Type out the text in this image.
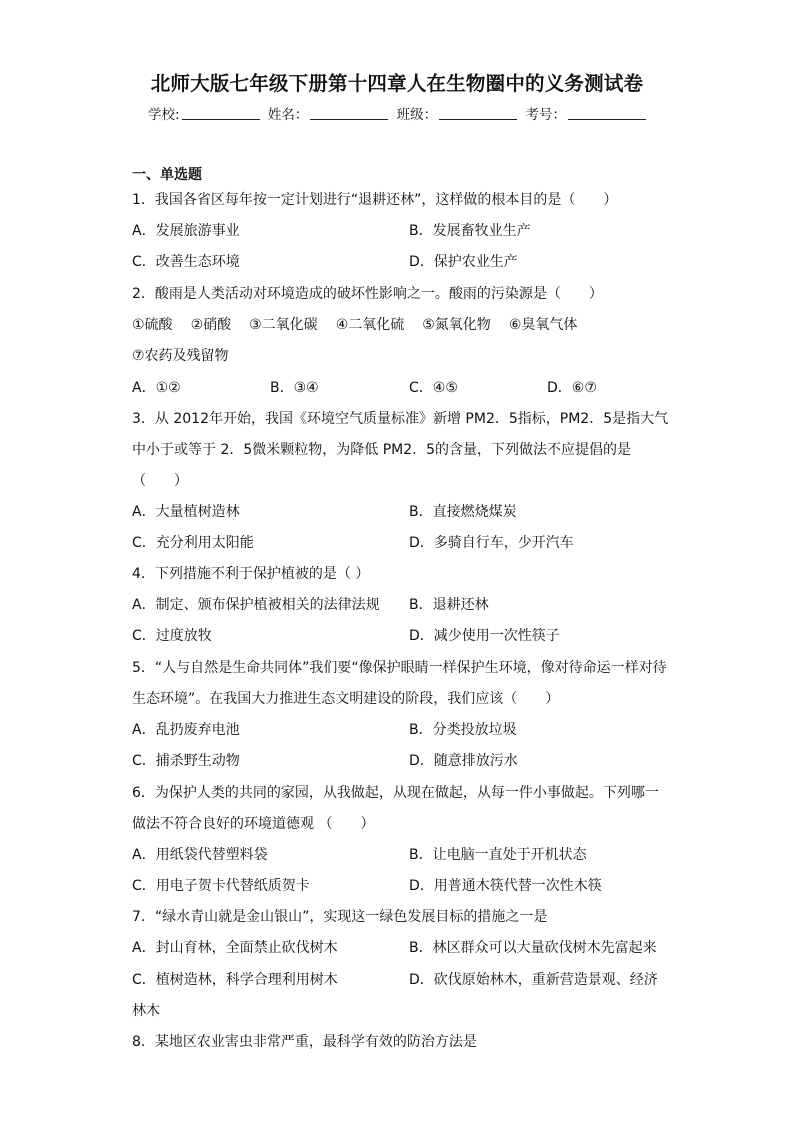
北师大版七年级下册第十四章人在生物圈中的义务测试卷
学校:	姓名：	班级：	考号：
一、单选题
1．我国各省区每年按一定计划进行“退耕还林”，这样做的根本目的是（　　）
A．发展旅游事业	B．发展畜牧业生产
C．改善生态环境	D．保护农业生产
2．酸雨是人类活动对环境造成的破坏性影响之一。酸雨的污染源是（　　）
①硫酸 ②硝酸 ③二氧化碳 ④二氧化硫 ⑤氮氧化物 ⑥臭氧气体
⑦农药及残留物
A．①②	B．③④	C．④⑤	D．⑥⑦
3．从 2012年开始，我国《环境空气质量标准》新增 PM2．5指标，PM2．5是指大气
中小于或等于 2．5微米颗粒物，为降低 PM2．5的含量，下列做法不应提倡的是
（　　）
A．大量植树造林	B．直接燃烧煤炭
C．充分利用太阳能	D．多骑自行车，少开汽车
4．下列措施不利于保护植被的是（ ）
A．制定、颁布保护植被相关的法律法规 B．退耕还林
C．过度放牧	D．减少使用一次性筷子
5．“人与自然是生命共同体”我们要“像保护眼睛一样保护生环境，像对待命运一样对待
生态环境”。在我国大力推进生态文明建设的阶段，我们应该（　　）
A．乱扔废弃电池	B．分类投放垃圾
C．捕杀野生动物	D．随意排放污水
6．为保护人类的共同的家园，从我做起，从现在做起，从每一件小事做起。下列哪一
做法不符合良好的环境道德观 （　　）
A．用纸袋代替塑料袋	B．让电脑一直处于开机状态
C．用电子贺卡代替纸质贺卡	D．用普通木筷代替一次性木筷
7．“绿水青山就是金山银山”，实现这一绿色发展目标的措施之一是
A．封山育林，全面禁止砍伐树木	B．林区群众可以大量砍伐树木先富起来
C．植树造林，科学合理利用树木	D．砍伐原始林木，重新营造景观、经济
林木
8．某地区农业害虫非常严重，最科学有效的防治方法是
